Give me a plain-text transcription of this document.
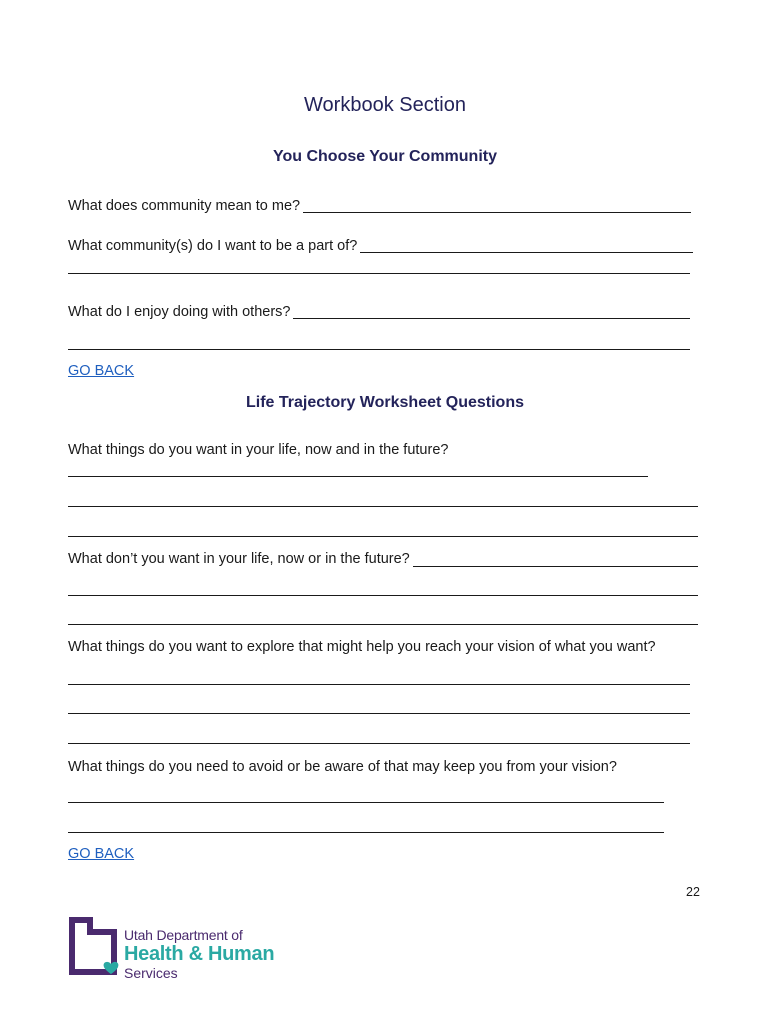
Workbook Section
You Choose Your Community
What does community mean to me?
What community(s) do I want to be a part of?
What do I enjoy doing with others?
GO BACK
Life Trajectory Worksheet Questions
What things do you want in your life, now and in the future?
What don’t you want in your life, now or in the future?
What things do you want to explore that might help you reach your vision of what you want?
What things do you need to avoid or be aware of that may keep you from your vision?
GO BACK
22
Utah Department of
Health & Human
Services
